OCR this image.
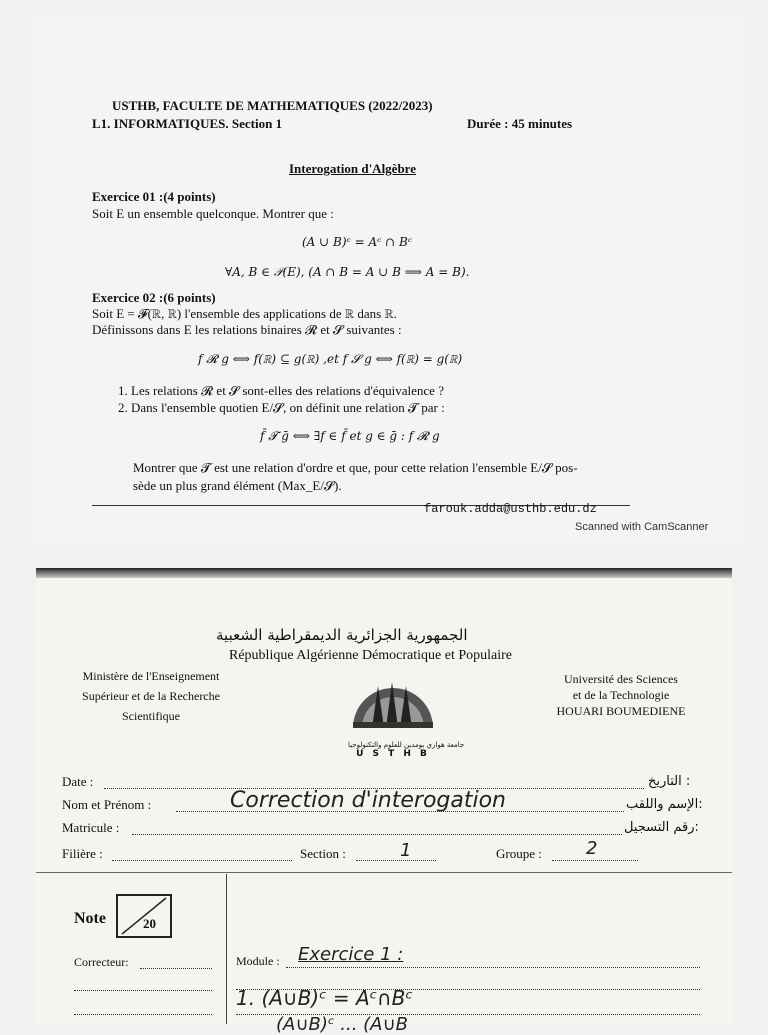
USTHB, FACULTE DE MATHEMATIQUES (2022/2023)
L1. INFORMATIQUES. Section 1	Durée : 45 minutes
Interogation d'Algèbre
Exercice 01 :(4 points)
Soit E un ensemble quelconque. Montrer que :
(A ∪ B)ᶜ = Aᶜ ∩ Bᶜ
∀A, B ∈ 𝒫(E), (A ∩ B = A ∪ B ⟹ A = B).
Exercice 02 :(6 points)
Soit E = 𝓕(ℝ, ℝ) l'ensemble des applications de ℝ dans ℝ.
Définissons dans E les relations binaires 𝓡 et 𝓢 suivantes :
f 𝓡 g ⟺ f(ℝ) ⊆ g(ℝ) ,et f 𝓢 g ⟺ f(ℝ) = g(ℝ)
1. Les relations 𝓡 et 𝓢 sont-elles des relations d'équivalence ?
2. Dans l'ensemble quotien E/𝓢, on définit une relation 𝓣 par :
f̄ 𝓣 ḡ ⟺ ∃f ∈ f̄ et g ∈ ḡ : f 𝓡 g
Montrer que 𝓣 est une relation d'ordre et que, pour cette relation l'ensemble E/𝓢 pos-
sède un plus grand élément (Max_E/𝓢).
farouk.adda@usthb.edu.dz
Scanned with CamScanner
الجمهورية الجزائرية الديمقراطية الشعبية
République Algérienne Démocratique et Populaire
Ministère de l'Enseignement
Supérieur et de la Recherche
Scientifique
Université des Sciences
et de la Technologie
HOUARI BOUMEDIENE
جامعة هواري بومدين للعلوم والتكنولوجيا
U S T H B
Date :	التاريخ :
Nom et Prénom :	Correction d'interogation	الإسم واللقب:
Matricule :	رقم التسجيل:
Filière :	Section :	1	Groupe : 2
Note	20
Correcteur:	Module : Exercice 1 :
1. (A∪B)ᶜ = Aᶜ∩Bᶜ
(A∪B)ᶜ ... (A∪B
